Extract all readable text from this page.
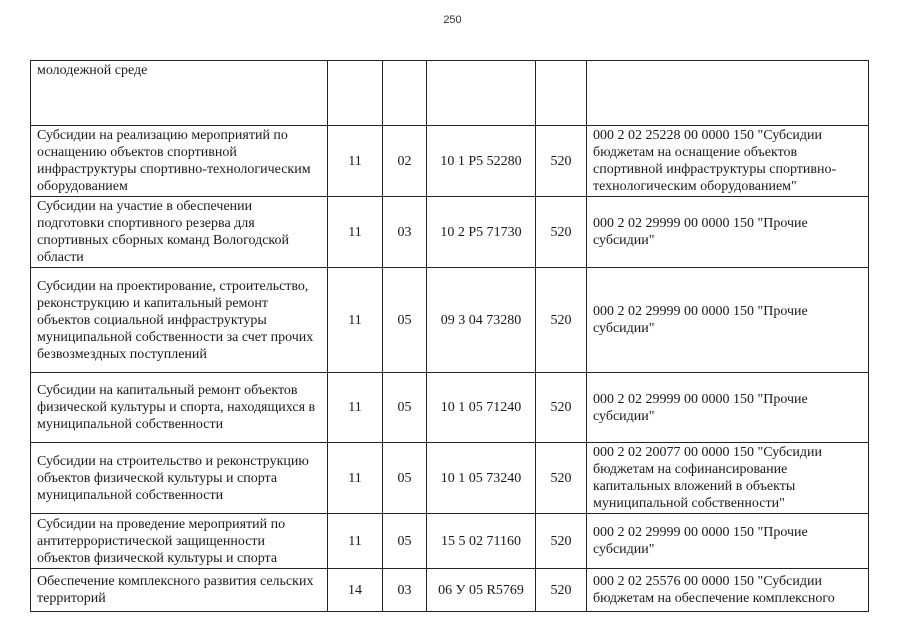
250
молодежной среде					
Субсидии на реализацию мероприятий по оснащению объектов спортивной инфраструктуры спортивно-технологическим оборудованием	11	02	10 1 Р5 52280	520	000 2 02 25228 00 0000 150 "Субсидии бюджетам на оснащение объектов спортивной инфраструктуры спортивно-технологическим оборудованием"
Субсидии на участие в обеспечении подготовки спортивного резерва для спортивных сборных команд Вологодской области	11	03	10 2 Р5 71730	520	000 2 02 29999 00 0000 150 "Прочие субсидии"
Субсидии на проектирование, строительство, реконструкцию и капитальный ремонт объектов социальной инфраструктуры муниципальной собственности за счет прочих безвозмездных поступлений	11	05	09 3 04 73280	520	000 2 02 29999 00 0000 150 "Прочие субсидии"
Субсидии на капитальный ремонт объектов физической культуры и спорта, находящихся в муниципальной собственности	11	05	10 1 05 71240	520	000 2 02 29999 00 0000 150 "Прочие субсидии"
Субсидии на строительство и реконструкцию объектов физической культуры и спорта муниципальной собственности	11	05	10 1 05 73240	520	000 2 02 20077 00 0000 150 "Субсидии бюджетам на софинансирование капитальных вложений в объекты муниципальной собственности"
Субсидии на проведение мероприятий по антитеррористической защищенности объектов физической культуры и спорта	11	05	15 5 02 71160	520	000 2 02 29999 00 0000 150 "Прочие субсидии"
Обеспечение комплексного развития сельских территорий	14	03	06 У 05 R5769	520	000 2 02 25576 00 0000 150 "Субсидии бюджетам на обеспечение комплексного
